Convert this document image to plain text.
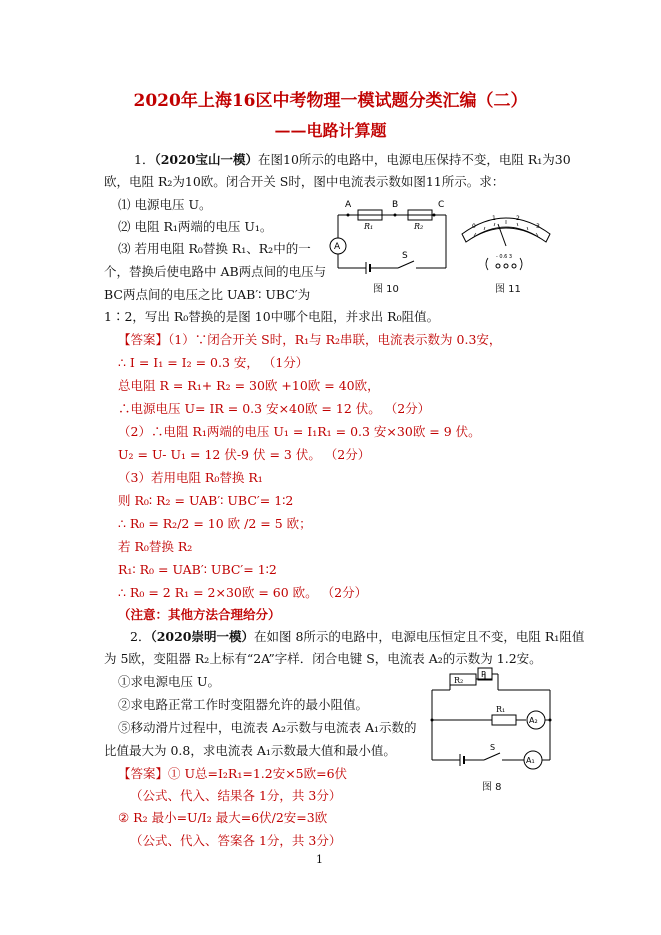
2020年上海16区中考物理一模试题分类汇编（二）
——电路计算题
1．（2020宝山一模）在图10所示的电路中，电源电压保持不变，电阻 R₁为30
欧，电阻 R₂为10欧。闭合开关 S时，图中电流表示数如图11所示。求：
⑴ 电源电压 U。
⑵ 电阻 R₁两端的电压 U₁。
⑶ 若用电阻 R₀替换 R₁、R₂中的一
个，替换后使电路中 AB两点间的电压与
BC两点间的电压之比 UAB′∶ UBC′为
1∶2，写出 R₀替换的是图 10中哪个电阻，并求出 R₀阻值。
【答案】（1）∵闭合开关 S时，R₁与 R₂串联，电流表示数为 0.3安，
∴ I = I₁ = I₂ = 0.3 安， （1分）
总电阻 R = R₁+ R₂ = 30欧 +10欧 = 40欧，
∴电源电压 U= IR = 0.3 安×40欧 = 12 伏。 （2分）
（2）∴电阻 R₁两端的电压 U₁ = I₁R₁ = 0.3 安×30欧 = 9 伏。
U₂ = U- U₁ = 12 伏-9 伏 = 3 伏。 （2分）
（3）若用电阻 R₀替换 R₁
则 R₀∶ R₂ = UAB′∶ UBC′= 1∶2
∴ R₀ = R₂/2 = 10 欧 /2 = 5 欧；
若 R₀替换 R₂
R₁∶ R₀ = UAB′∶ UBC′= 1∶2
∴ R₀ = 2 R₁ = 2×30欧 = 60 欧。 （2分）
（注意：其他方法合理给分）
A	B	C
R₁	R₂
A
S
图 10
0
1	2
3
- 0.6 3
图 11
2．（2020崇明一模）在如图 8所示的电路中，电源电压恒定且不变，电阻 R₁阻值
为 5欧，变阻器 R₂上标有“2A”字样．闭合电键 S，电流表 A₂的示数为 1.2安。
①求电源电压 U。
②求电路正常工作时变阻器允许的最小阻值。
⑤移动滑片过程中，电流表 A₂示数与电流表 A₁示数的
比值最大为 0.8，求电流表 A₁示数最大值和最小值。
【答案】① U总=I₂R₁=1.2安×5欧=6伏
（公式、代入、结果各 1分，共 3分）
② R₂ 最小=U/I₂ 最大=6伏/2安=3欧
（公式、代入、答案各 1分，共 3分）
R₂
P
R₁
A₂
S
A₁
图 8
1
